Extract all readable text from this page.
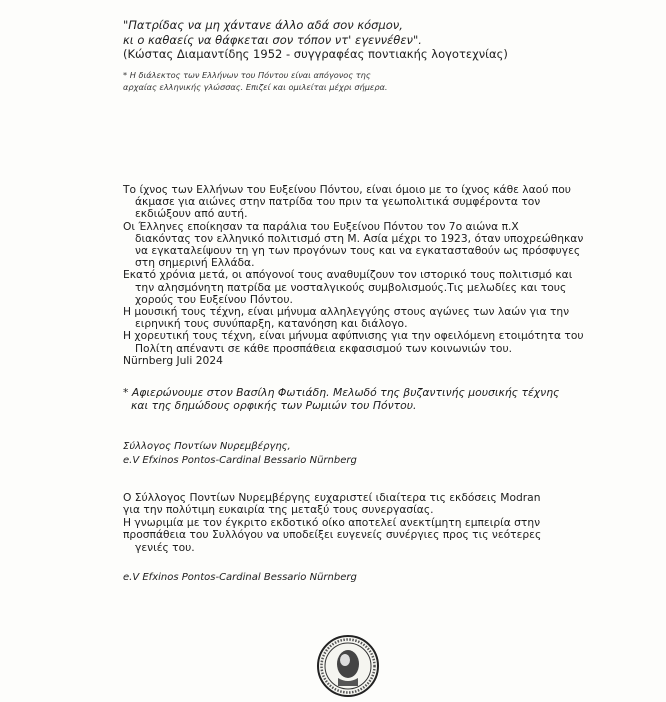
"Πατρίδας να μη χάντανε άλλο αδά σον κόσμον,

κι ο καθαείς να θάφκεται σον τόπον ντ' εγεννέθεν".

(Κώστας Διαμαντίδης 1952 - συγγραφέας ποντιακής λογοτεχνίας)

* Η διάλεκτος των Ελλήνων του Πόντου είναι απόγονος της

αρχαίας ελληνικής γλώσσας. Επιζεί και ομιλείται μέχρι σήμερα.

Το ίχνος των Ελλήνων του Ευξείνου Πόντου, είναι όμοιο με το ίχνος κάθε λαού που

άκμασε για αιώνες στην πατρίδα του πριν τα γεωπολιτικά συμφέροντα τον

εκδιώξουν από αυτή.

Οι Έλληνες εποίκησαν τα παράλια του Ευξείνου Πόντου τον 7ο αιώνα π.Χ

διακόντας τον ελληνικό πολιτισμό στη Μ. Ασία μέχρι το 1923, όταν υποχρεώθηκαν

να εγκαταλείψουν τη γη των προγόνων τους και να εγκατασταθούν ως πρόσφυγες

στη σημερινή Ελλάδα.

Εκατό χρόνια μετά, οι απόγονοί τους αναθυμίζουν τον ιστορικό τους πολιτισμό και

την αλησμόνητη πατρίδα με νοσταλγικούς συμβολισμούς.Τις μελωδίες και τους

χορούς του Ευξείνου Πόντου.

Η μουσική τους τέχνη, είναι μήνυμα αλληλεγγύης στους αγώνες των λαών για την

ειρηνική τους συνύπαρξη, κατανόηση και διάλογο.

Η χορευτική τους τέχνη, είναι μήνυμα αφύπνισης για την οφειλόμενη ετοιμότητα του

Πολίτη απέναντι σε κάθε προσπάθεια εκφασισμού των κοινωνιών του.

Nürnberg Juli 2024

* Αφιερώνουμε στον Βασίλη Φωτιάδη. Μελωδό της βυζαντινής μουσικής τέχνης

και της δημώδους ορφικής των Ρωμιών του Πόντου.

Σύλλογος Ποντίων Νυρεμβέργης,

e.V Efxinos Pontos-Cardinal Bessario Nürnberg

Ο Σύλλογος Ποντίων Νυρεμβέργης ευχαριστεί ιδιαίτερα τις εκδόσεις Modran

για την πολύτιμη ευκαιρία της μεταξύ τους συνεργασίας.

Η γνωριμία με τον έγκριτο εκδοτικό οίκο αποτελεί ανεκτίμητη εμπειρία στην

προσπάθεια του Συλλόγου να υποδείξει ευγενείς συνέργιες προς τις νεότερες

γενιές του.

e.V Efxinos Pontos-Cardinal Bessario Nürnberg
